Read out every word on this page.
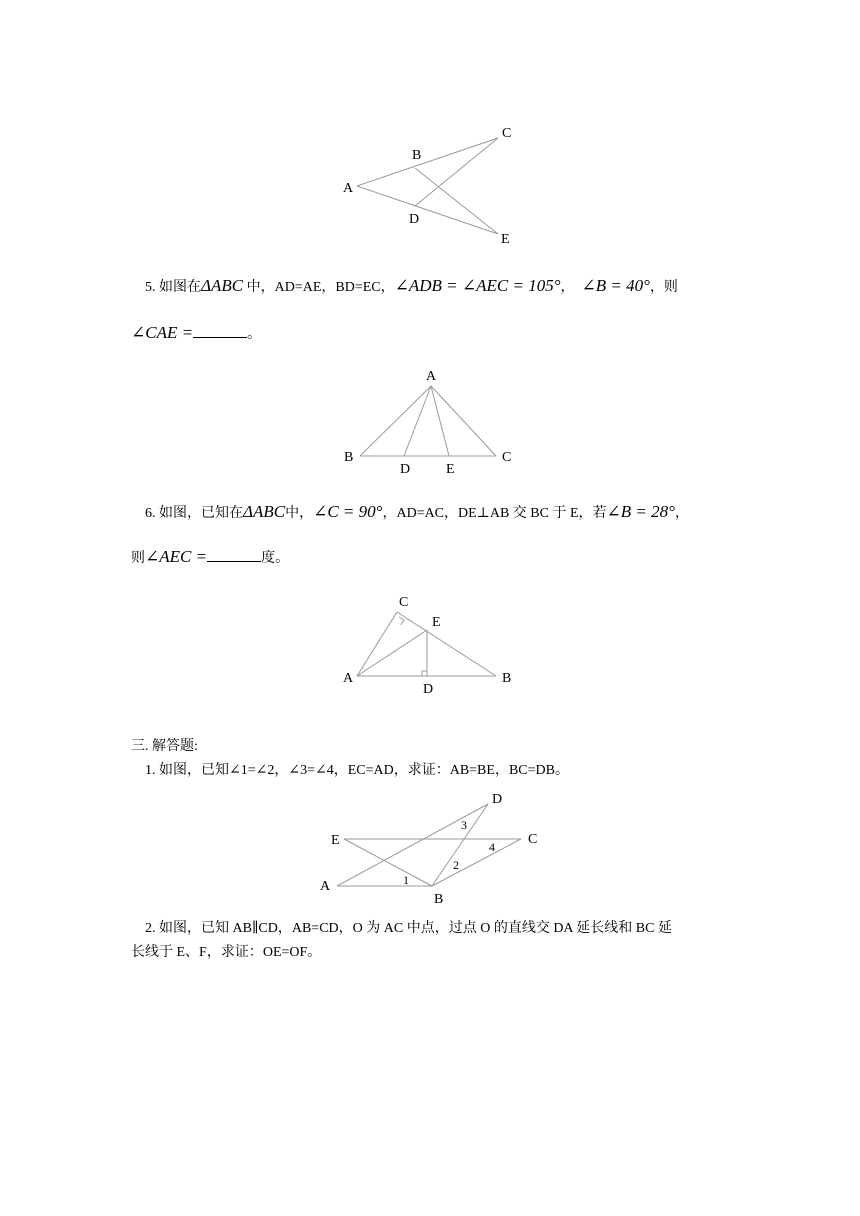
A
B
C
D
E
5. 如图在ΔABC 中，AD=AE，BD=EC，∠ADB = ∠AEC = 105°， ∠B = 40°，则
∠CAE =	。
A
B	C
D	E
6. 如图，已知在ΔABC中，∠C = 90°，AD=AC，DE⊥AB 交 BC 于 E，若∠B = 28°，
则∠AEC =	度。
C
E
A	B
D
三. 解答题:
1. 如图，已知∠1=∠2，∠3=∠4，EC=AD，求证：AB=BE，BC=DB。
D
E	C
A
B
3
4
2
1
2. 如图，已知 AB∥CD，AB=CD，O 为 AC 中点，过点 O 的直线交 DA 延长线和 BC 延
长线于 E、F，求证：OE=OF。
